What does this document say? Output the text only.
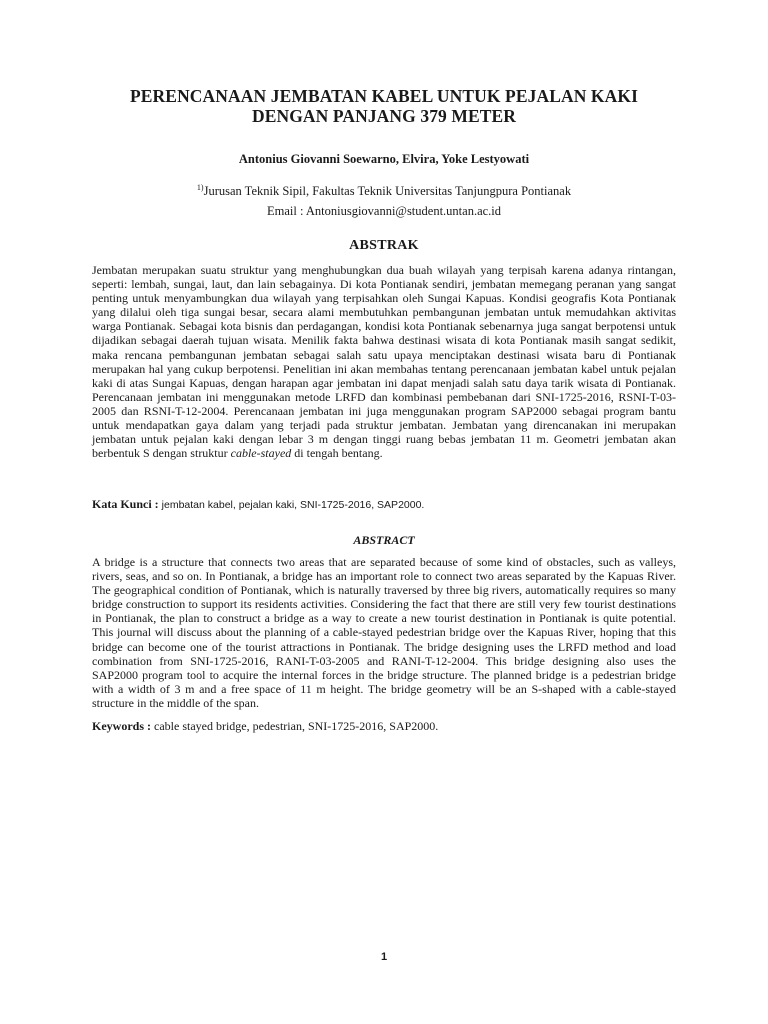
PERENCANAAN JEMBATAN KABEL UNTUK PEJALAN KAKI DENGAN PANJANG 379 METER

Antonius Giovanni Soewarno, Elvira, Yoke Lestyowati

$^{1)}$Jurusan Teknik Sipil, Fakultas Teknik Universitas Tanjungpura Pontianak

Email : Antoniusgiovanni@student.untan.ac.id

ABSTRAK

Jembatan merupakan suatu struktur yang menghubungkan dua buah wilayah yang terpisah karena adanya rintangan, seperti: lembah, sungai, laut, dan lain sebagainya. Di kota Pontianak sendiri, jembatan memegang peranan yang sangat penting untuk menyambungkan dua wilayah yang terpisahkan oleh Sungai Kapuas. Kondisi geografis Kota Pontianak yang dilalui oleh tiga sungai besar, secara alami membutuhkan pembangunan jembatan untuk memudahkan aktivitas warga Pontianak. Sebagai kota bisnis dan perdagangan, kondisi kota Pontianak sebenarnya juga sangat berpotensi untuk dijadikan sebagai daerah tujuan wisata. Menilik fakta bahwa destinasi wisata di kota Pontianak masih sangat sedikit, maka rencana pembangunan jembatan sebagai salah satu upaya menciptakan destinasi wisata baru di Pontianak merupakan hal yang cukup berpotensi. Penelitian ini akan membahas tentang perencanaan jembatan kabel untuk pejalan kaki di atas Sungai Kapuas, dengan harapan agar jembatan ini dapat menjadi salah satu daya tarik wisata di Pontianak. Perencanaan jembatan ini menggunakan metode LRFD dan kombinasi pembebanan dari SNI-1725-2016, RSNI-T-03-2005 dan RSNI-T-12-2004. Perencanaan jembatan ini juga menggunakan program SAP2000 sebagai program bantu untuk mendapatkan gaya dalam yang terjadi pada struktur jembatan. Jembatan yang direncanakan ini merupakan jembatan untuk pejalan kaki dengan lebar 3 m dengan tinggi ruang bebas jembatan 11 m. Geometri jembatan akan berbentuk S dengan struktur cable-stayed di tengah bentang.

Kata Kunci : jembatan kabel, pejalan kaki, SNI-1725-2016, SAP2000.

ABSTRACT

A bridge is a structure that connects two areas that are separated because of some kind of obstacles, such as valleys, rivers, seas, and so on. In Pontianak, a bridge has an important role to connect two areas separated by the Kapuas River. The geographical condition of Pontianak, which is naturally traversed by three big rivers, automatically requires so many bridge construction to support its residents activities. Considering the fact that there are still very few tourist destinations in Pontianak, the plan to construct a bridge as a way to create a new tourist destination in Pontianak is quite potential. This journal will discuss about the planning of a cable-stayed pedestrian bridge over the Kapuas River, hoping that this bridge can become one of the tourist attractions in Pontianak. The bridge designing uses the LRFD method and load combination from SNI-1725-2016, RANI-T-03-2005 and RANI-T-12-2004. This bridge designing also uses the SAP2000 program tool to acquire the internal forces in the bridge structure. The planned bridge is a pedestrian bridge with a width of 3 m and a free space of 11 m height. The bridge geometry will be an S-shaped with a cable-stayed structure in the middle of the span.

Keywords : cable stayed bridge, pedestrian, SNI-1725-2016, SAP2000.

1
